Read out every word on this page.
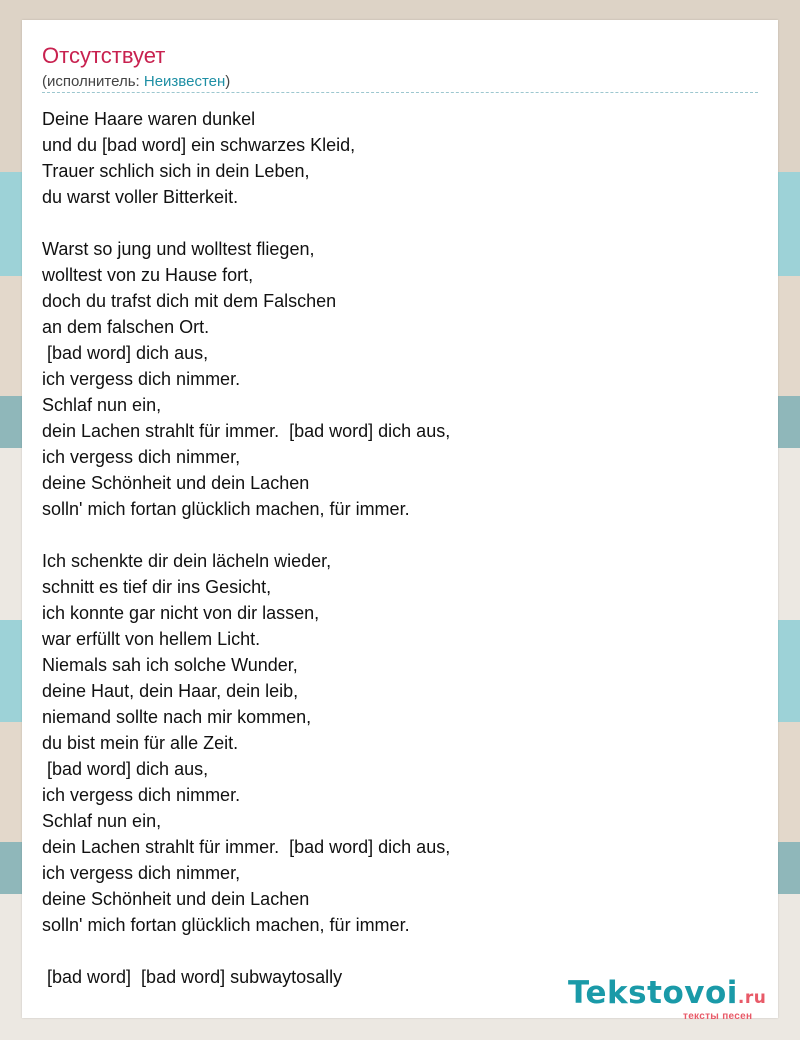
Отсутствует
(исполнитель: Неизвестен)
Deine Haare waren dunkel
und du [bad word] ein schwarzes Kleid,
Trauer schlich sich in dein Leben,
du warst voller Bitterkeit.
Warst so jung und wolltest fliegen,
wolltest von zu Hause fort,
doch du trafst dich mit dem Falschen
an dem falschen Ort.
[bad word] dich aus,
ich vergess dich nimmer.
Schlaf nun ein,
dein Lachen strahlt für immer.  [bad word] dich aus,
ich vergess dich nimmer,
deine Schönheit und dein Lachen
solln' mich fortan glücklich machen, für immer.
Ich schenkte dir dein lächeln wieder,
schnitt es tief dir ins Gesicht,
ich konnte gar nicht von dir lassen,
war erfüllt von hellem Licht.
Niemals sah ich solche Wunder,
deine Haut, dein Haar, dein leib,
niemand sollte nach mir kommen,
du bist mein für alle Zeit.
[bad word] dich aus,
ich vergess dich nimmer.
Schlaf nun ein,
dein Lachen strahlt für immer.  [bad word] dich aus,
ich vergess dich nimmer,
deine Schönheit und dein Lachen
solln' mich fortan glücklich machen, für immer.
[bad word]  [bad word] subwaytosally	Tekstovoi.ru
тексты песен
